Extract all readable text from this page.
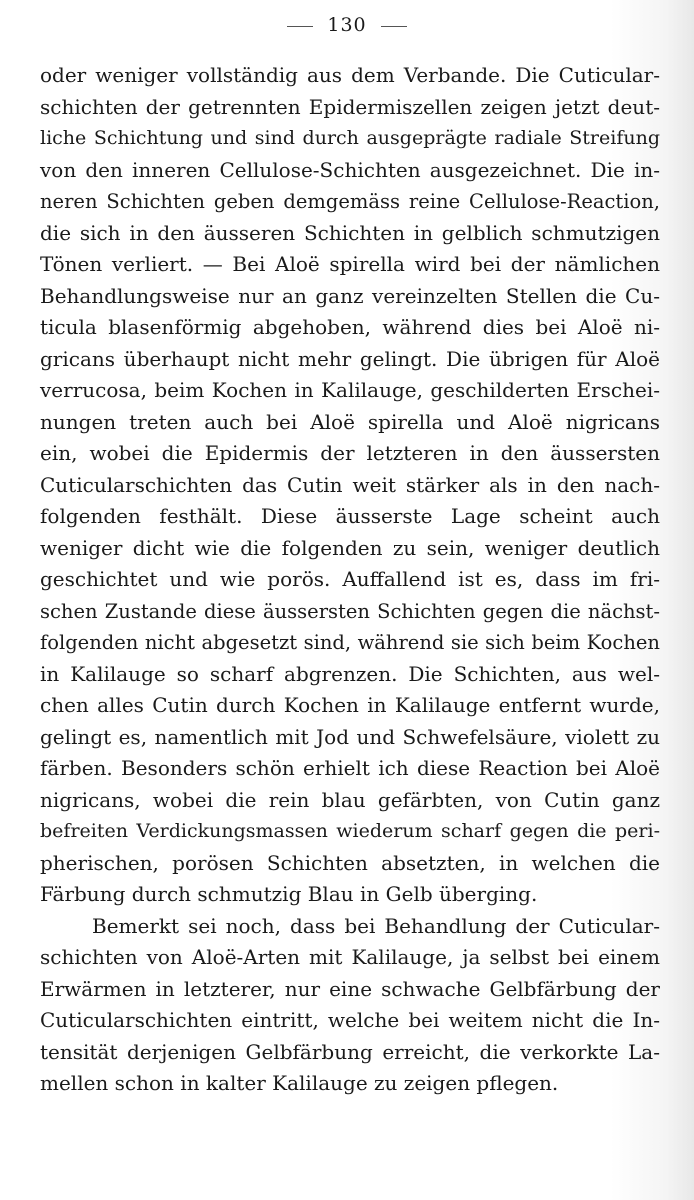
130
oder weniger vollständig aus dem Verbande. Die Cuticular-
schichten der getrennten Epidermiszellen zeigen jetzt deut-
liche Schichtung und sind durch ausgeprägte radiale Streifung
von den inneren Cellulose-Schichten ausgezeichnet. Die in-
neren Schichten geben demgemäss reine Cellulose-Reaction,
die sich in den äusseren Schichten in gelblich schmutzigen
Tönen verliert. — Bei Aloë spirella wird bei der nämlichen
Behandlungsweise nur an ganz vereinzelten Stellen die Cu-
ticula blasenförmig abgehoben, während dies bei Aloë ni-
gricans überhaupt nicht mehr gelingt. Die übrigen für Aloë
verrucosa, beim Kochen in Kalilauge, geschilderten Erschei-
nungen treten auch bei Aloë spirella und Aloë nigricans
ein, wobei die Epidermis der letzteren in den äussersten
Cuticularschichten das Cutin weit stärker als in den nach-
folgenden festhält. Diese äusserste Lage scheint auch
weniger dicht wie die folgenden zu sein, weniger deutlich
geschichtet und wie porös. Auffallend ist es, dass im fri-
schen Zustande diese äussersten Schichten gegen die nächst-
folgenden nicht abgesetzt sind, während sie sich beim Kochen
in Kalilauge so scharf abgrenzen. Die Schichten, aus wel-
chen alles Cutin durch Kochen in Kalilauge entfernt wurde,
gelingt es, namentlich mit Jod und Schwefelsäure, violett zu
färben. Besonders schön erhielt ich diese Reaction bei Aloë
nigricans, wobei die rein blau gefärbten, von Cutin ganz
befreiten Verdickungsmassen wiederum scharf gegen die peri-
pherischen, porösen Schichten absetzten, in welchen die
Färbung durch schmutzig Blau in Gelb überging.
Bemerkt sei noch, dass bei Behandlung der Cuticular-
schichten von Aloë-Arten mit Kalilauge, ja selbst bei einem
Erwärmen in letzterer, nur eine schwache Gelbfärbung der
Cuticularschichten eintritt, welche bei weitem nicht die In-
tensität derjenigen Gelbfärbung erreicht, die verkorkte La-
mellen schon in kalter Kalilauge zu zeigen pflegen.
